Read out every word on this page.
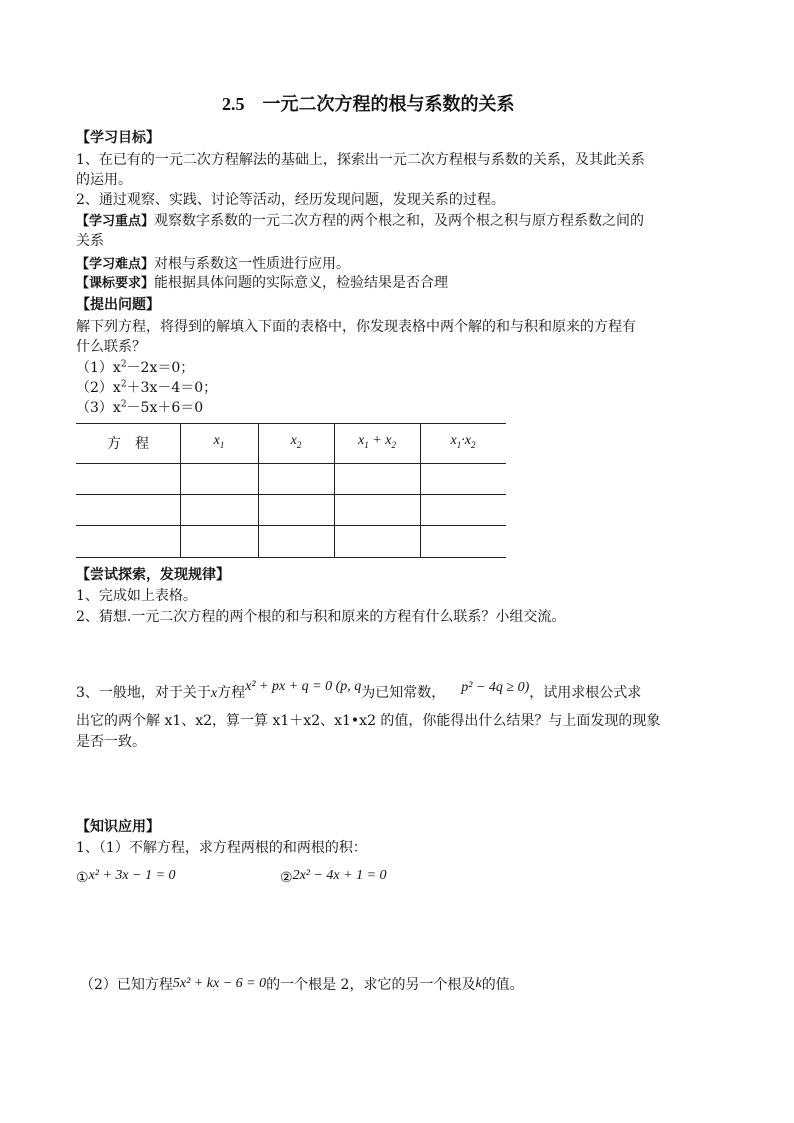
2.5 一元二次方程的根与系数的关系
【学习目标】
1、在已有的一元二次方程解法的基础上，探索出一元二次方程根与系数的关系，及其此关系
的运用。
2、通过观察、实践、讨论等活动，经历发现问题，发现关系的过程。
【学习重点】观察数字系数的一元二次方程的两个根之和，及两个根之积与原方程系数之间的
关系
【学习难点】对根与系数这一性质进行应用。
【课标要求】能根据具体问题的实际意义，检验结果是否合理
【提出问题】
解下列方程，将得到的解填入下面的表格中，你发现表格中两个解的和与积和原来的方程有
什么联系？
$(1)x^2-2x=0$；
$(2)x^2+3x-4=0$；
$(3)x^2-5x+6=0$
方　程	$x_1$	$x_2$	$x_1 + x_2$	$x_1\cdot x_2$
【尝试探索，发现规律】
1、完成如上表格。
2、猜想.一元二次方程的两个根的和与积和原来的方程有什么联系？小组交流。
3、一般地，对于关于x方程x² + px + q = 0 (p, q为已知常数， p² − 4q ≥ 0)，试用求根公式求
出它的两个解 x1、x2，算一算 x1＋x2、x1•x2 的值，你能得出什么结果？与上面发现的现象
是否一致。
【知识应用】
1、（1）不解方程，求方程两根的和两根的积：
①x² + 3x − 1 = 0	②2x² − 4x + 1 = 0
（2）已知方程5x² + kx − 6 = 0的一个根是 2，求它的另一个根及k的值。
